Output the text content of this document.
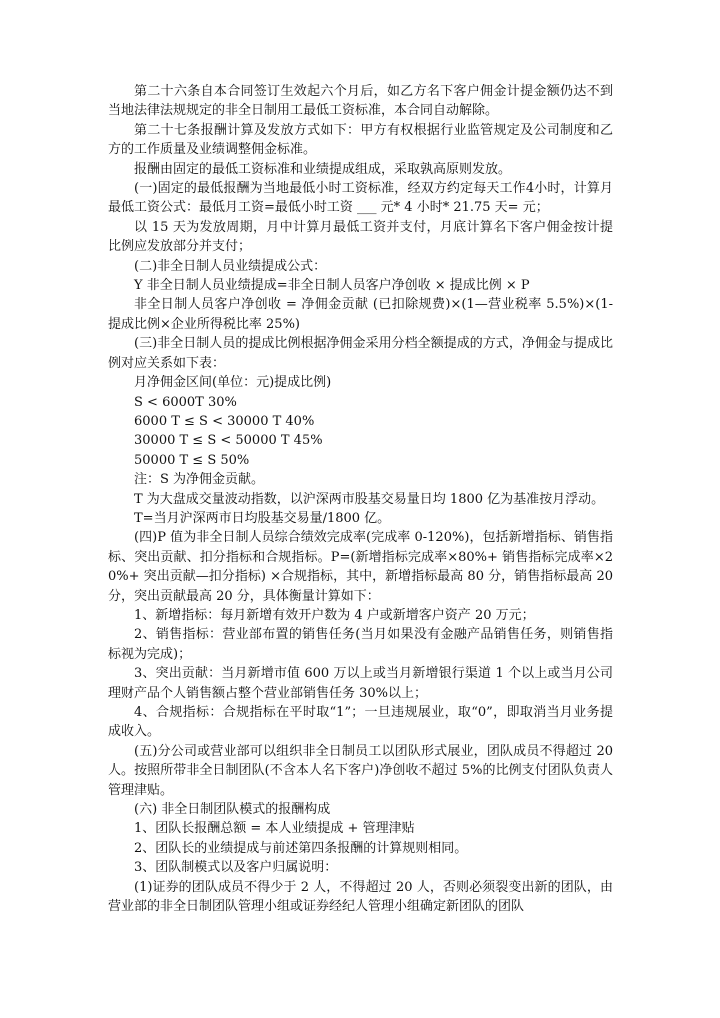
第二十六条自本合同签订生效起六个月后，如乙方名下客户佣金计提金额仍达不到当地法律法规规定的非全日制用工最低工资标准，本合同自动解除。
第二十七条报酬计算及发放方式如下：甲方有权根据行业监管规定及公司制度和乙方的工作质量及业绩调整佣金标准。
报酬由固定的最低工资标准和业绩提成组成，采取孰高原则发放。
(一)固定的最低报酬为当地最低小时工资标准，经双方约定每天工作4小时，计算月最低工资公式：最低月工资=最低小时工资 ___ 元* 4 小时* 21.75 天= 元；
以 15 天为发放周期，月中计算月最低工资并支付，月底计算名下客户佣金按计提比例应发放部分并支付；
(二)非全日制人员业绩提成公式：
Y 非全日制人员业绩提成=非全日制人员客户净创收 × 提成比例 × P
非全日制人员客户净创收 = 净佣金贡献 (已扣除规费)×(1—营业税率 5.5%)×(1-提成比例×企业所得税比率 25%)
(三)非全日制人员的提成比例根据净佣金采用分档全额提成的方式，净佣金与提成比例对应关系如下表：
月净佣金区间(单位：元)提成比例)
S < 6000T 30%
6000 T ≤ S < 30000 T 40%
30000 T ≤ S < 50000 T 45%
50000 T ≤ S 50%
注：S 为净佣金贡献。
T 为大盘成交量波动指数，以沪深两市股基交易量日均 1800 亿为基准按月浮动。
T=当月沪深两市日均股基交易量/1800 亿。
(四)P 值为非全日制人员综合绩效完成率(完成率 0-120%)，包括新增指标、销售指标、突出贡献、扣分指标和合规指标。P=(新增指标完成率×80%+ 销售指标完成率×20%+ 突出贡献—扣分指标) ×合规指标，其中，新增指标最高 80 分，销售指标最高 20 分，突出贡献最高 20 分，具体衡量计算如下：
1、新增指标：每月新增有效开户数为 4 户或新增客户资产 20 万元；
2、销售指标：营业部布置的销售任务(当月如果没有金融产品销售任务，则销售指标视为完成)；
3、突出贡献：当月新增市值 600 万以上或当月新增银行渠道 1 个以上或当月公司理财产品个人销售额占整个营业部销售任务 30%以上；
4、合规指标：合规指标在平时取“1”；一旦违规展业，取“0”，即取消当月业务提成收入。
(五)分公司或营业部可以组织非全日制员工以团队形式展业，团队成员不得超过 20 人。按照所带非全日制团队(不含本人名下客户)净创收不超过 5%的比例支付团队负责人管理津贴。
(六) 非全日制团队模式的报酬构成
1、团队长报酬总额 = 本人业绩提成 + 管理津贴
2、团队长的业绩提成与前述第四条报酬的计算规则相同。
3、团队制模式以及客户归属说明：
(1)证券的团队成员不得少于 2 人，不得超过 20 人，否则必须裂变出新的团队，由营业部的非全日制团队管理小组或证券经纪人管理小组确定新团队的团队
